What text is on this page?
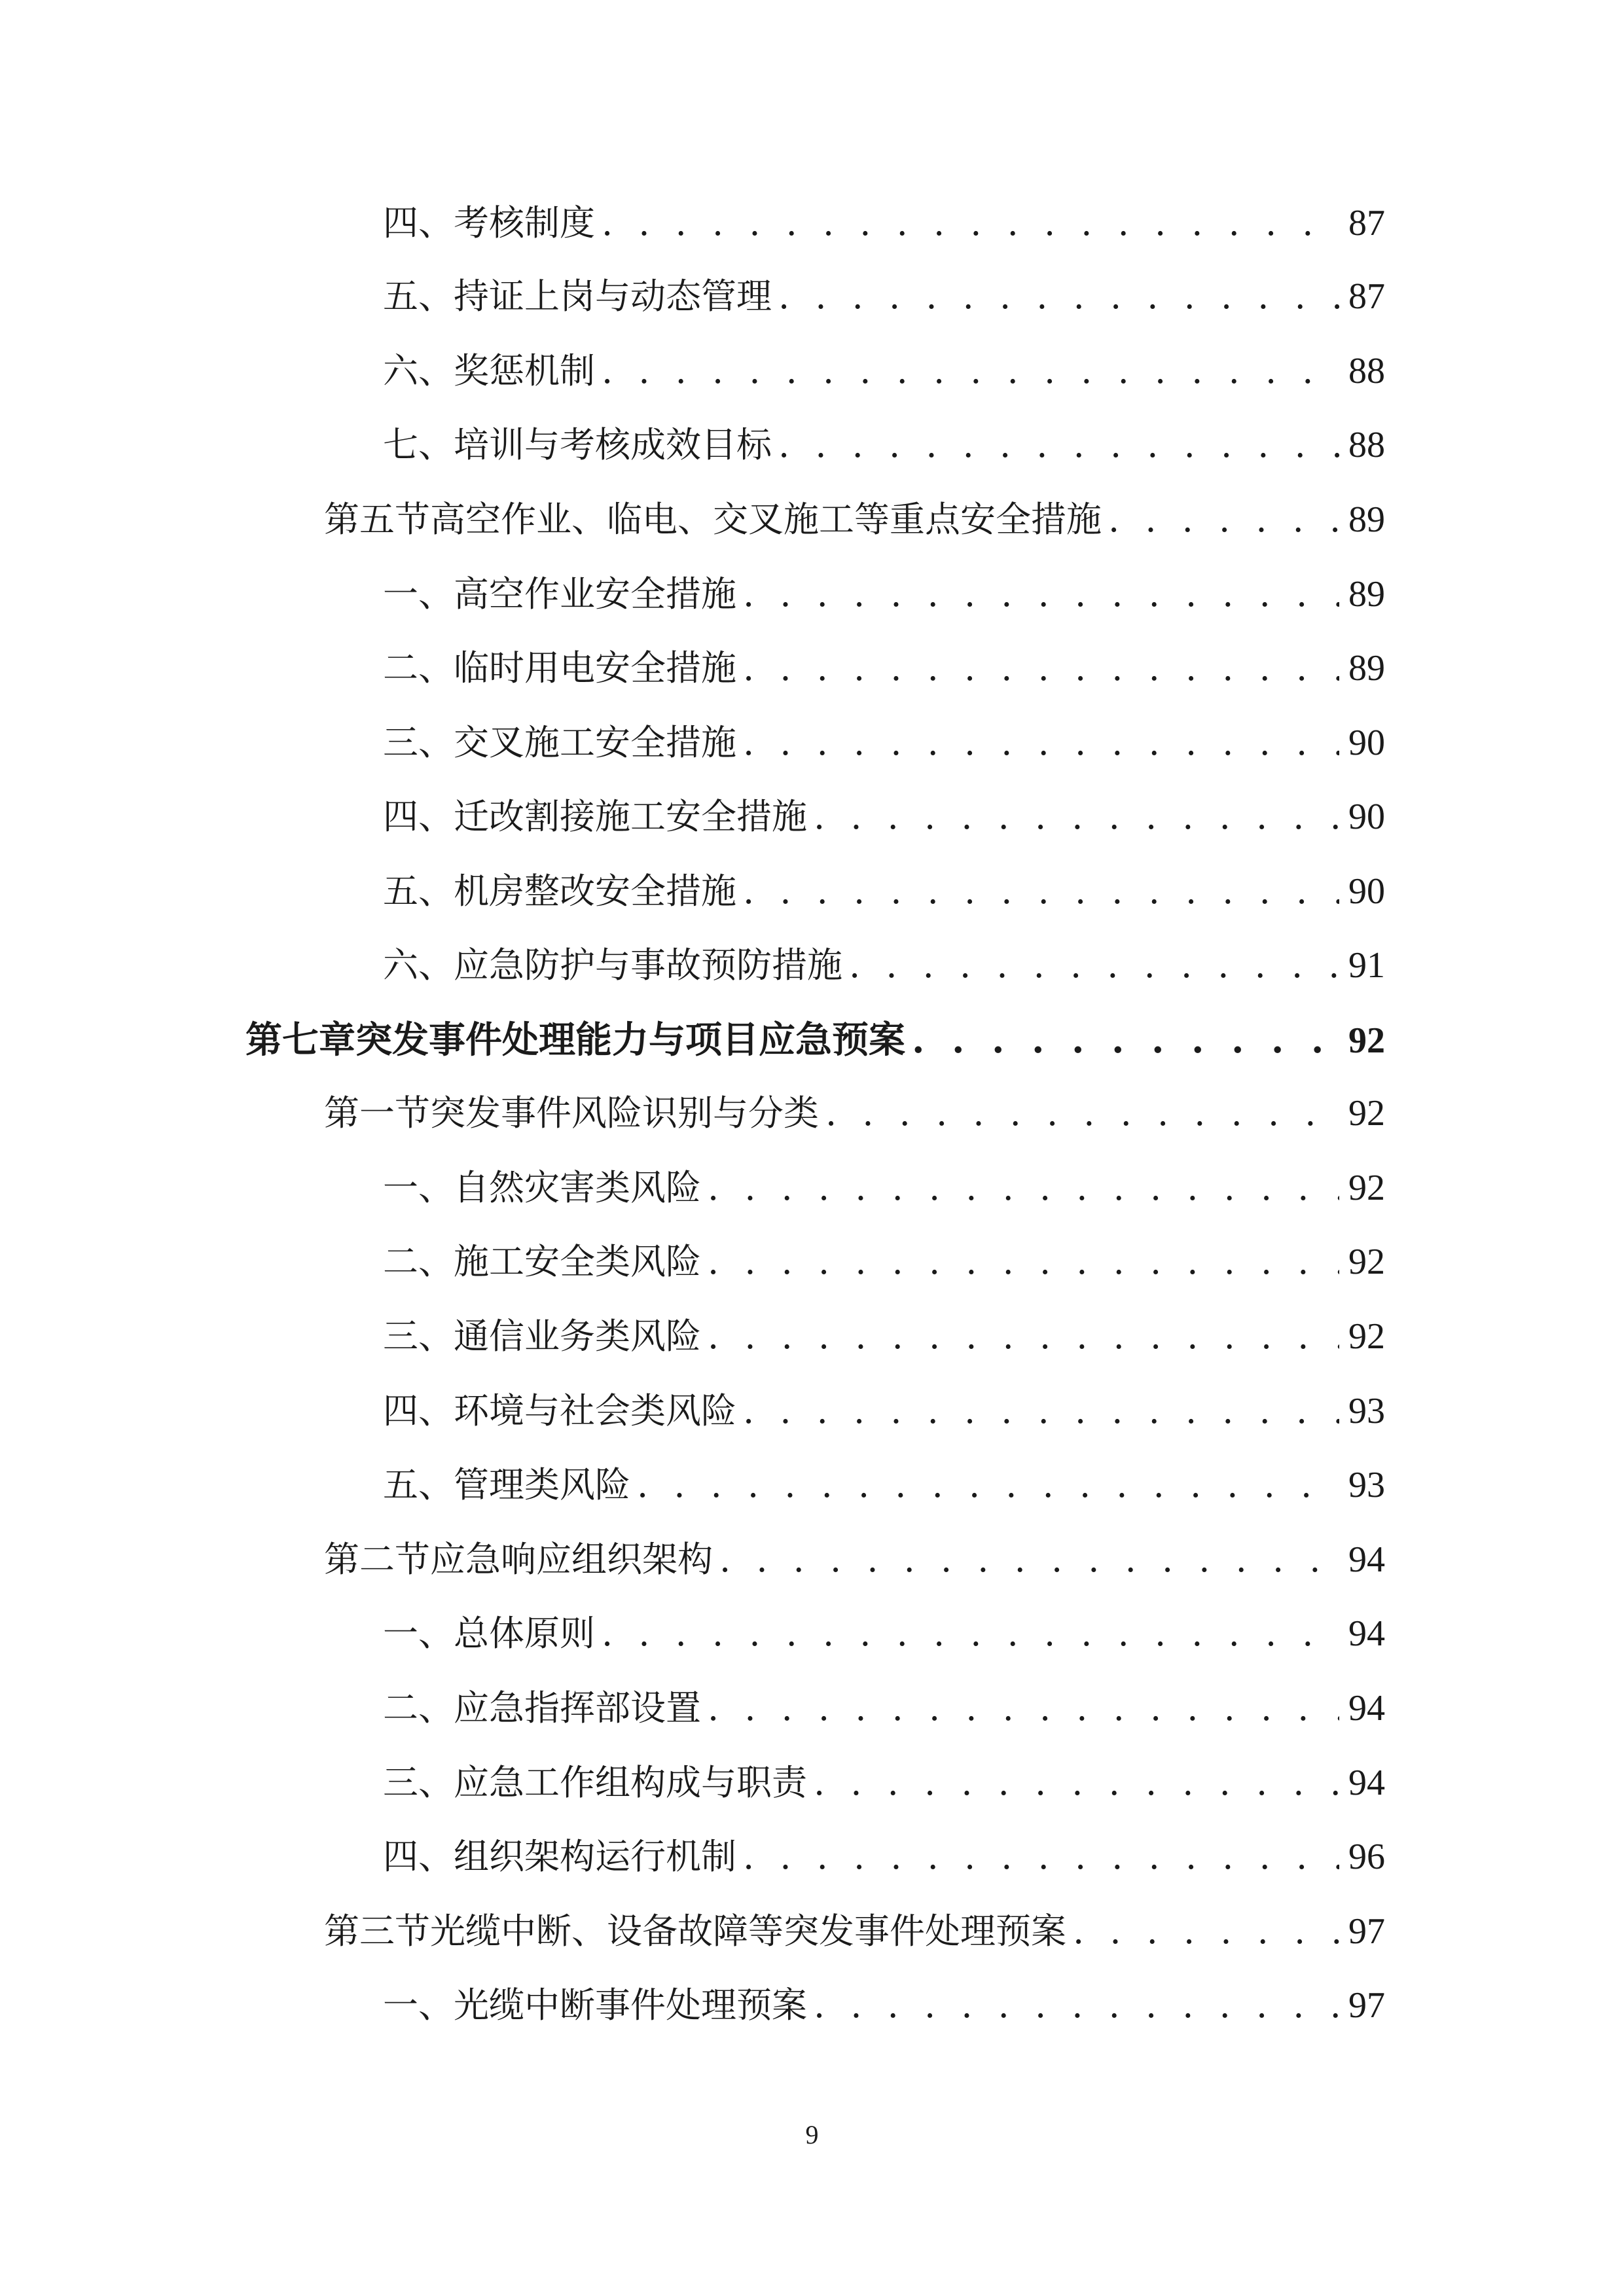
四、 考核制度 . . .	87
五、 持证上岗与动态管理 . . .	87
六、 奖惩机制 . . .	88
七、 培训与考核成效目标 . . .	88
第五节 高空作业、临电、交叉施工等重点安全措施 . . .	89
一、 高空作业安全措施 . . .	89
二、 临时用电安全措施 . . .	89
三、 交叉施工安全措施 . . .	90
四、 迁改割接施工安全措施 . . .	90
五、 机房整改安全措施 . . .	90
六、 应急防护与事故预防措施 . . .	91
第七章 突发事件处理能力与项目应急预案 . . .	92
第一节 突发事件风险识别与分类 . . .	92
一、 自然灾害类风险 . . .	92
二、 施工安全类风险 . . .	92
三、 通信业务类风险 . . .	92
四、 环境与社会类风险 . . .	93
五、 管理类风险 . . .	93
第二节 应急响应组织架构 . . .	94
一、 总体原则 . . .	94
二、 应急指挥部设置 . . .	94
三、 应急工作组构成与职责 . . .	94
四、 组织架构运行机制 . . .	96
第三节 光缆中断、设备故障等突发事件处理预案 . . .	97
一、 光缆中断事件处理预案 . . .	97
9
